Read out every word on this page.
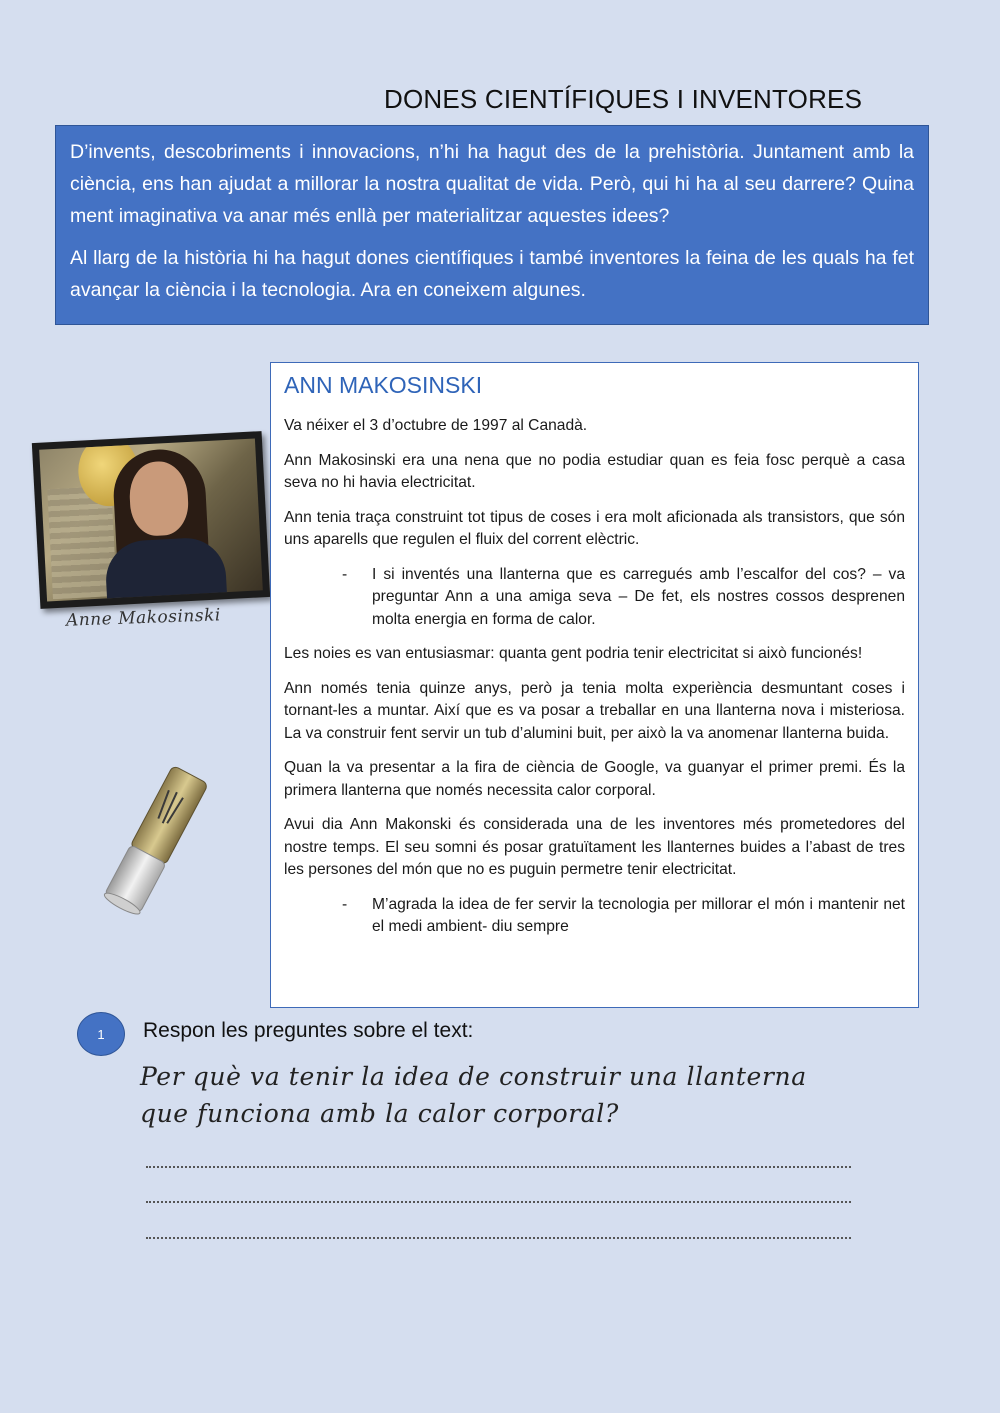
DONES CIENTÍFIQUES I INVENTORES

D’invents, descobriments i innovacions, n’hi ha hagut des de la prehistòria. Juntament amb la ciència, ens han ajudat a millorar la nostra qualitat de vida. Però, qui hi ha al seu darrere? Quina ment imaginativa va anar més enllà per materialitzar aquestes idees?

Al llarg de la història hi ha hagut dones científiques i també inventores la feina de les quals ha fet avançar la ciència i la tecnologia. Ara en coneixem algunes.

Anne Makosinski
ANN MAKOSINSKI

Va néixer el 3 d’octubre de 1997 al Canadà.

Ann Makosinski era una nena que no podia estudiar quan es feia fosc perquè a casa seva no hi havia electricitat.

Ann tenia traça construint tot tipus de coses i era molt aficionada als transistors, que són uns aparells que regulen el fluix del corrent elèctric.

-	I si inventés una llanterna que es carregués amb l’escalfor del cos? – va preguntar Ann a una amiga seva – De fet, els nostres cossos desprenen molta energia en forma de calor.

Les noies es van entusiasmar: quanta gent podria tenir electricitat si això funcionés!

Ann només tenia quinze anys, però ja tenia molta experiència desmuntant coses i tornant-les a muntar. Així que es va posar a treballar en una llanterna nova i misteriosa. La va construir fent servir un tub d’alumini buit, per això la va anomenar llanterna buida.

Quan la va presentar a la fira de ciència de Google, va guanyar el primer premi. És la primera llanterna que només necessita calor corporal.

Avui dia Ann Makonski és considerada una de les inventores més prometedores del nostre temps. El seu somni és posar gratuïtament les llanternes buides a l’abast de tres les persones del món que no es puguin permetre tenir electricitat.

-	M’agrada la idea de fer servir la tecnologia per millorar el món i mantenir net el medi ambient- diu sempre
1	Respon les preguntes sobre el text:
Per què va tenir la idea de construir una llanterna
que funciona amb la calor corporal?
